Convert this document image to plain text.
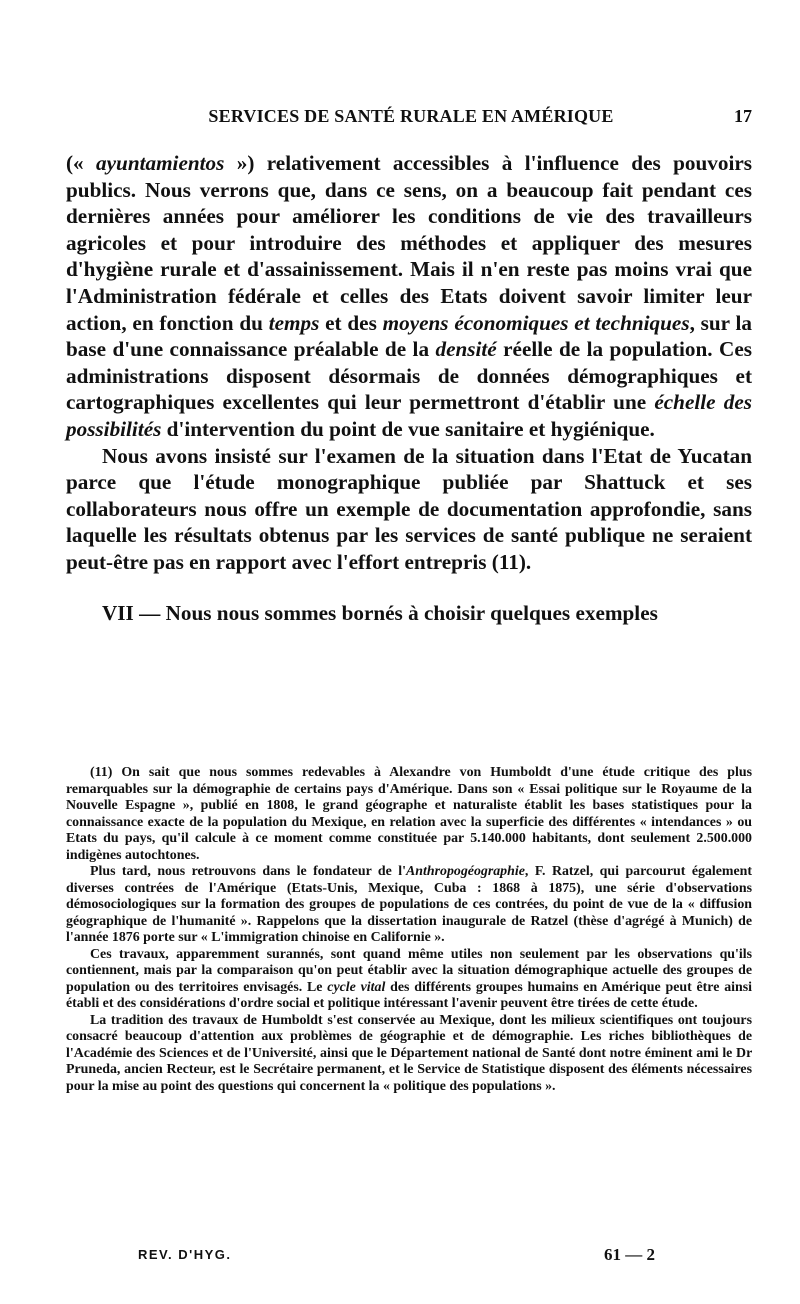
SERVICES DE SANTÉ RURALE EN AMÉRIQUE	17

(« ayuntamientos ») relativement accessibles à l'influence des pouvoirs publics. Nous verrons que, dans ce sens, on a beaucoup fait pendant ces dernières années pour améliorer les conditions de vie des travailleurs agricoles et pour introduire des méthodes et appliquer des mesures d'hygiène rurale et d'assainissement. Mais il n'en reste pas moins vrai que l'Administration fédérale et celles des Etats doivent savoir limiter leur action, en fonction du temps et des moyens économiques et techniques, sur la base d'une connaissance préalable de la densité réelle de la population. Ces administrations disposent désormais de données démographiques et cartographiques excellentes qui leur permettront d'établir une échelle des possibilités d'intervention du point de vue sanitaire et hygiénique.

Nous avons insisté sur l'examen de la situation dans l'Etat de Yucatan parce que l'étude monographique publiée par Shattuck et ses collaborateurs nous offre un exemple de documentation approfondie, sans laquelle les résultats obtenus par les services de santé publique ne seraient peut-être pas en rapport avec l'effort entrepris (11).

VII — Nous nous sommes bornés à choisir quelques exemples

(11) On sait que nous sommes redevables à Alexandre von Humboldt d'une étude critique des plus remarquables sur la démographie de certains pays d'Amérique. Dans son « Essai politique sur le Royaume de la Nouvelle Espagne », publié en 1808, le grand géographe et naturaliste établit les bases statistiques pour la connaissance exacte de la population du Mexique, en relation avec la superficie des différentes « intendances » ou Etats du pays, qu'il calcule à ce moment comme constituée par 5.140.000 habitants, dont seulement 2.500.000 indigènes autochtones.

Plus tard, nous retrouvons dans le fondateur de l'Anthropogéographie, F. Ratzel, qui parcourut également diverses contrées de l'Amérique (Etats-Unis, Mexique, Cuba : 1868 à 1875), une série d'observations démosociologiques sur la formation des groupes de populations de ces contrées, du point de vue de la « diffusion géographique de l'humanité ». Rappelons que la dissertation inaugurale de Ratzel (thèse d'agrégé à Munich) de l'année 1876 porte sur « L'immigration chinoise en Californie ».

Ces travaux, apparemment surannés, sont quand même utiles non seulement par les observations qu'ils contiennent, mais par la comparaison qu'on peut établir avec la situation démographique actuelle des groupes de population ou des territoires envisagés. Le cycle vital des différents groupes humains en Amérique peut être ainsi établi et des considérations d'ordre social et politique intéressant l'avenir peuvent être tirées de cette étude.

La tradition des travaux de Humboldt s'est conservée au Mexique, dont les milieux scientifiques ont toujours consacré beaucoup d'attention aux problèmes de géographie et de démographie. Les riches bibliothèques de l'Académie des Sciences et de l'Université, ainsi que le Département national de Santé dont notre éminent ami le Dr Pruneda, ancien Recteur, est le Secrétaire permanent, et le Service de Statistique disposent des éléments nécessaires pour la mise au point des questions qui concernent la « politique des populations ».

REV. D'HYG.	61 — 2
